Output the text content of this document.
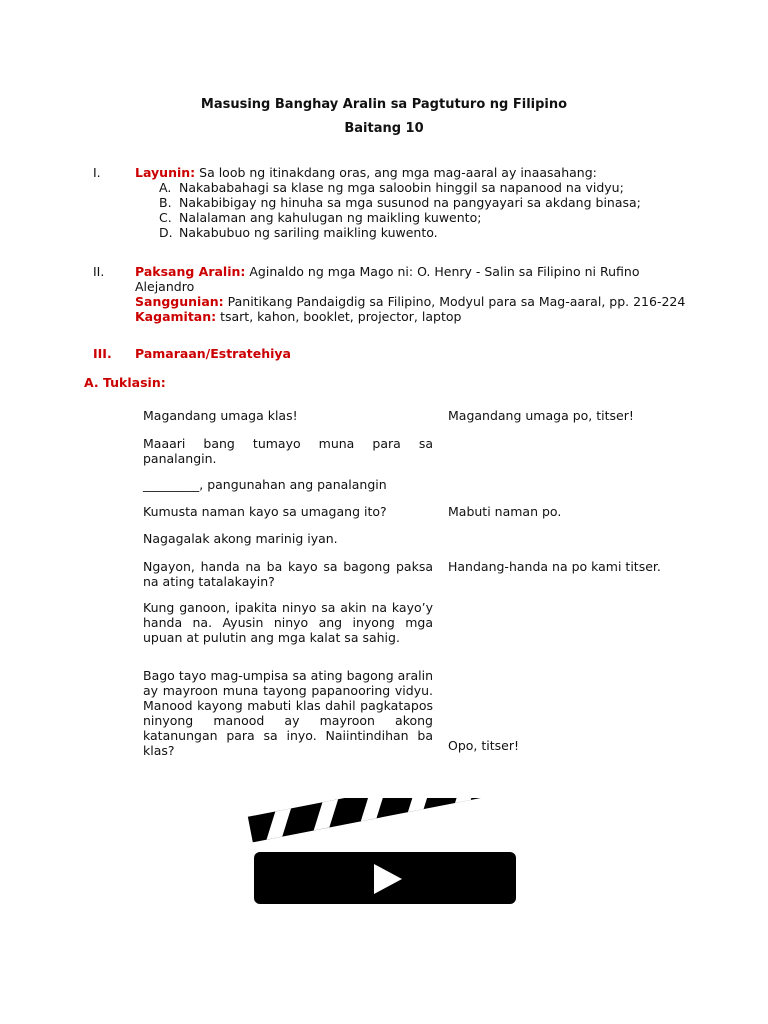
Masusing Banghay Aralin sa Pagtuturo ng Filipino
Baitang 10
I.	Layunin: Sa loob ng itinakdang oras, ang mga mag-aaral ay inaasahang:
A. Nakababahagi sa klase ng mga saloobin hinggil sa napanood na vidyu;
B. Nakabibigay ng hinuha sa mga susunod na pangyayari sa akdang binasa;
C. Nalalaman ang kahulugan ng maikling kuwento;
D. Nakabubuo ng sariling maikling kuwento.
II. Paksang Aralin: Aginaldo ng mga Mago ni: O. Henry - Salin sa Filipino ni Rufino Alejandro
Sanggunian: Panitikang Pandaigdig sa Filipino, Modyul para sa Mag-aaral, pp. 216-224
Kagamitan: tsart, kahon, booklet, projector, laptop
III. Pamaraan/Estratehiya
A. Tuklasin:
Magandang umaga klas!
Maaari bang tumayo muna para sa panalangin.
_________, pangunahan ang panalangin
Kumusta naman kayo sa umagang ito?
Nagagalak akong marinig iyan.
Ngayon, handa na ba kayo sa bagong paksa na ating tatalakayin?
Kung ganoon, ipakita ninyo sa akin na kayo’y handa na. Ayusin ninyo ang inyong mga upuan at pulutin ang mga kalat sa sahig.
Bago tayo mag-umpisa sa ating bagong aralin ay mayroon muna tayong papanooring vidyu. Manood kayong mabuti klas dahil pagkatapos ninyong manood ay mayroon akong katanungan para sa inyo. Naiintindihan ba klas?
Magandang umaga po, titser!
Mabuti naman po.
Handang-handa na po kami titser.
Opo, titser!
